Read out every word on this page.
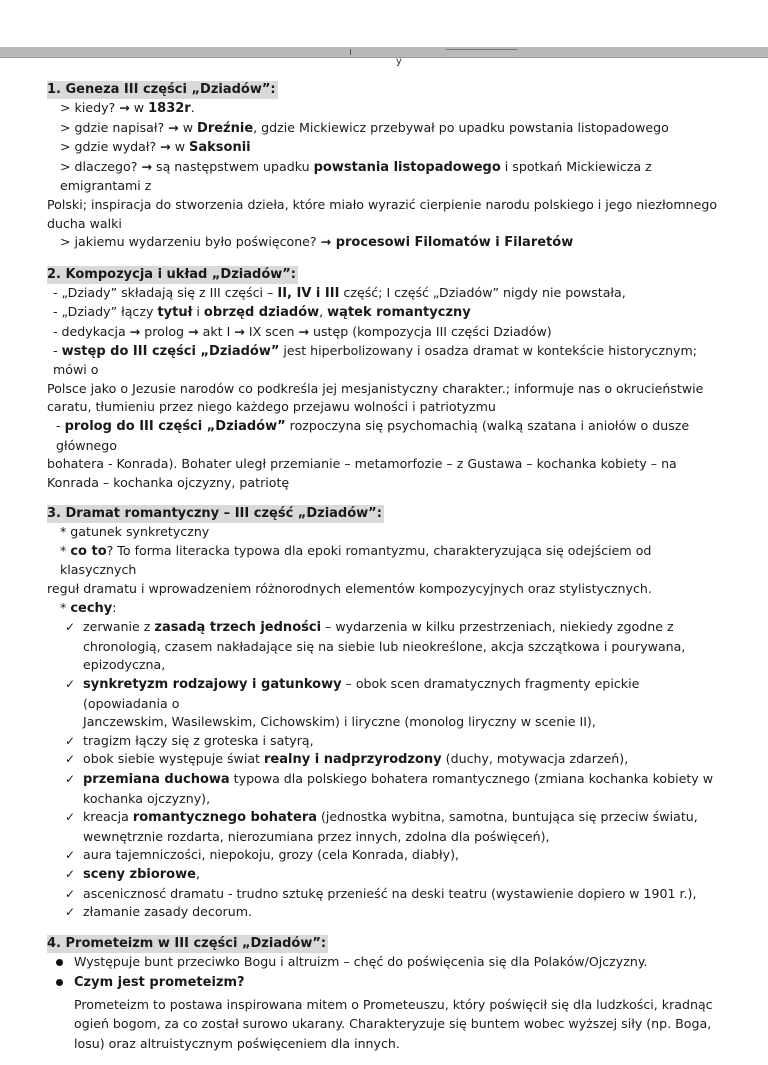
y
1. Geneza III części „Dziadów”:
> kiedy? → w 1832r.
> gdzie napisał? → w Dreźnie, gdzie Mickiewicz przebywał po upadku powstania listopadowego
> gdzie wydał? → w Saksonii
> dlaczego? → są następstwem upadku powstania listopadowego i spotkań Mickiewicza z emigrantami z
Polski; inspiracja do stworzenia dzieła, które miało wyrazić cierpienie narodu polskiego i jego niezłomnego
ducha walki
> jakiemu wydarzeniu było poświęcone? → procesowi Filomatów i Filaretów
2. Kompozycja i układ „Dziadów”:
- „Dziady” składają się z III części – II, IV i III część; I część „Dziadów” nigdy nie powstała,
- „Dziady” łączy tytuł i obrzęd dziadów, wątek romantyczny
- dedykacja → prolog → akt I → IX scen → ustęp (kompozycja III części Dziadów)
- wstęp do III części „Dziadów” jest hiperbolizowany i osadza dramat w kontekście historycznym; mówi o
Polsce jako o Jezusie narodów co podkreśla jej mesjanistyczny charakter.; informuje nas o okrucieństwie
caratu, tłumieniu przez niego każdego przejawu wolności i patriotyzmu
- prolog do III części „Dziadów” rozpoczyna się psychomachią (walką szatana i aniołów o dusze głównego
bohatera - Konrada). Bohater uległ przemianie – metamorfozie – z Gustawa – kochanka kobiety – na
Konrada – kochanka ojczyzny, patriotę
3. Dramat romantyczny – III część „Dziadów”:
* gatunek synkretyczny
* co to? To forma literacka typowa dla epoki romantyzmu, charakteryzująca się odejściem od klasycznych
reguł dramatu i wprowadzeniem różnorodnych elementów kompozycyjnych oraz stylistycznych.
* cechy:
✓ zerwanie z zasadą trzech jedności – wydarzenia w kilku przestrzeniach, niekiedy zgodne z
chronologią, czasem nakładające się na siebie lub nieokreślone, akcja szczątkowa i pourywana,
epizodyczna,
✓ synkretyzm rodzajowy i gatunkowy – obok scen dramatycznych fragmenty epickie (opowiadania o
Janczewskim, Wasilewskim, Cichowskim) i liryczne (monolog liryczny w scenie II),
✓ tragizm łączy się z groteska i satyrą,
✓ obok siebie występuje świat realny i nadprzyrodzony (duchy, motywacja zdarzeń),
✓ przemiana duchowa typowa dla polskiego bohatera romantycznego (zmiana kochanka kobiety w
kochanka ojczyzny),
✓ kreacja romantycznego bohatera (jednostka wybitna, samotna, buntująca się przeciw światu,
wewnętrznie rozdarta, nierozumiana przez innych, zdolna dla poświęceń),
✓ aura tajemniczości, niepokoju, grozy (cela Konrada, diabły),
✓ sceny zbiorowe,
✓ ascenicznosć dramatu - trudno sztukę przenieść na deski teatru (wystawienie dopiero w 1901 r.),
✓ złamanie zasady decorum.
4. Prometeizm w III części „Dziadów”:
Występuje bunt przeciwko Bogu i altruizm – chęć do poświęcenia się dla Polaków/Ojczyzny.
Czym jest prometeizm?
Prometeizm to postawa inspirowana mitem o Prometeuszu, który poświęcił się dla ludzkości, kradnąc
ogień bogom, za co został surowo ukarany. Charakteryzuje się buntem wobec wyższej siły (np. Boga,
losu) oraz altruistycznym poświęceniem dla innych.
